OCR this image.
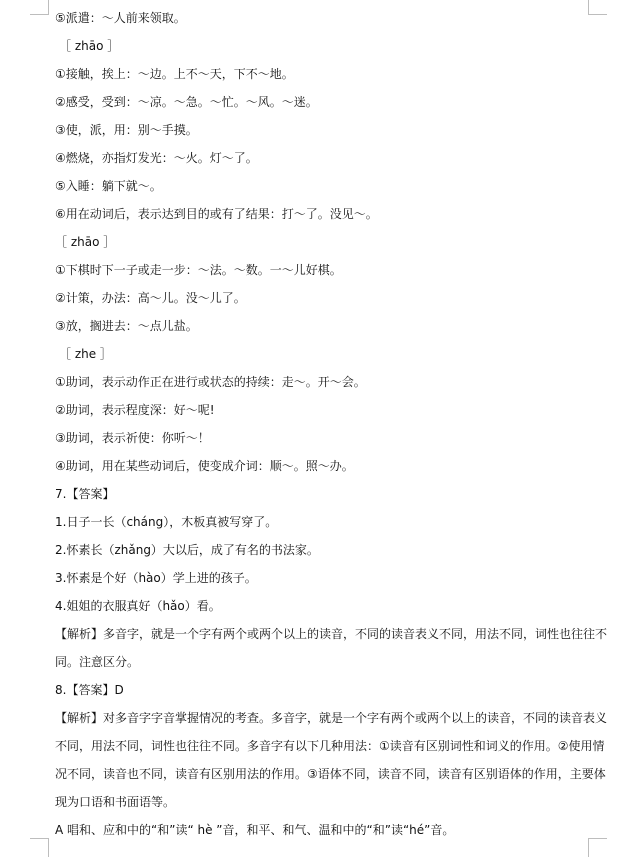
⑤派遣：～人前来领取。
［ zhāo ］
①接触，挨上：～边。上不～天，下不～地。
②感受，受到：～凉。～急。～忙。～风。～迷。
③使，派，用：别～手摸。
④燃烧，亦指灯发光：～火。灯～了。
⑤入睡：躺下就～。
⑥用在动词后，表示达到目的或有了结果：打～了。没见～。
［ zhāo ］
①下棋时下一子或走一步：～法。～数。一～儿好棋。
②计策，办法：高～儿。没～儿了。
③放，搁进去：～点儿盐。
［ zhe ］
①助词，表示动作正在进行或状态的持续：走～。开～会。
②助词，表示程度深：好～呢!
③助词，表示祈使：你听～！
④助词，用在某些动词后，使变成介词：顺～。照～办。
7.【答案】
1.日子一长（cháng），木板真被写穿了。
2.怀素长（zhǎng）大以后，成了有名的书法家。
3.怀素是个好（hào）学上进的孩子。
4.姐姐的衣服真好（hǎo）看。
【解析】多音字，就是一个字有两个或两个以上的读音，不同的读音表义不同，用法不同，词性也往往不同。注意区分。
8.【答案】D
【解析】对多音字字音掌握情况的考查。多音字，就是一个字有两个或两个以上的读音，不同的读音表义不同，用法不同，词性也往往不同。多音字有以下几种用法：①读音有区别词性和词义的作用。②使用情况不同，读音也不同，读音有区别用法的作用。③语体不同，读音不同，读音有区别语体的作用，主要体现为口语和书面语等。
A 唱和、应和中的“和”读“ hè ”音，和平、和气、温和中的“和”读“hé”音。
